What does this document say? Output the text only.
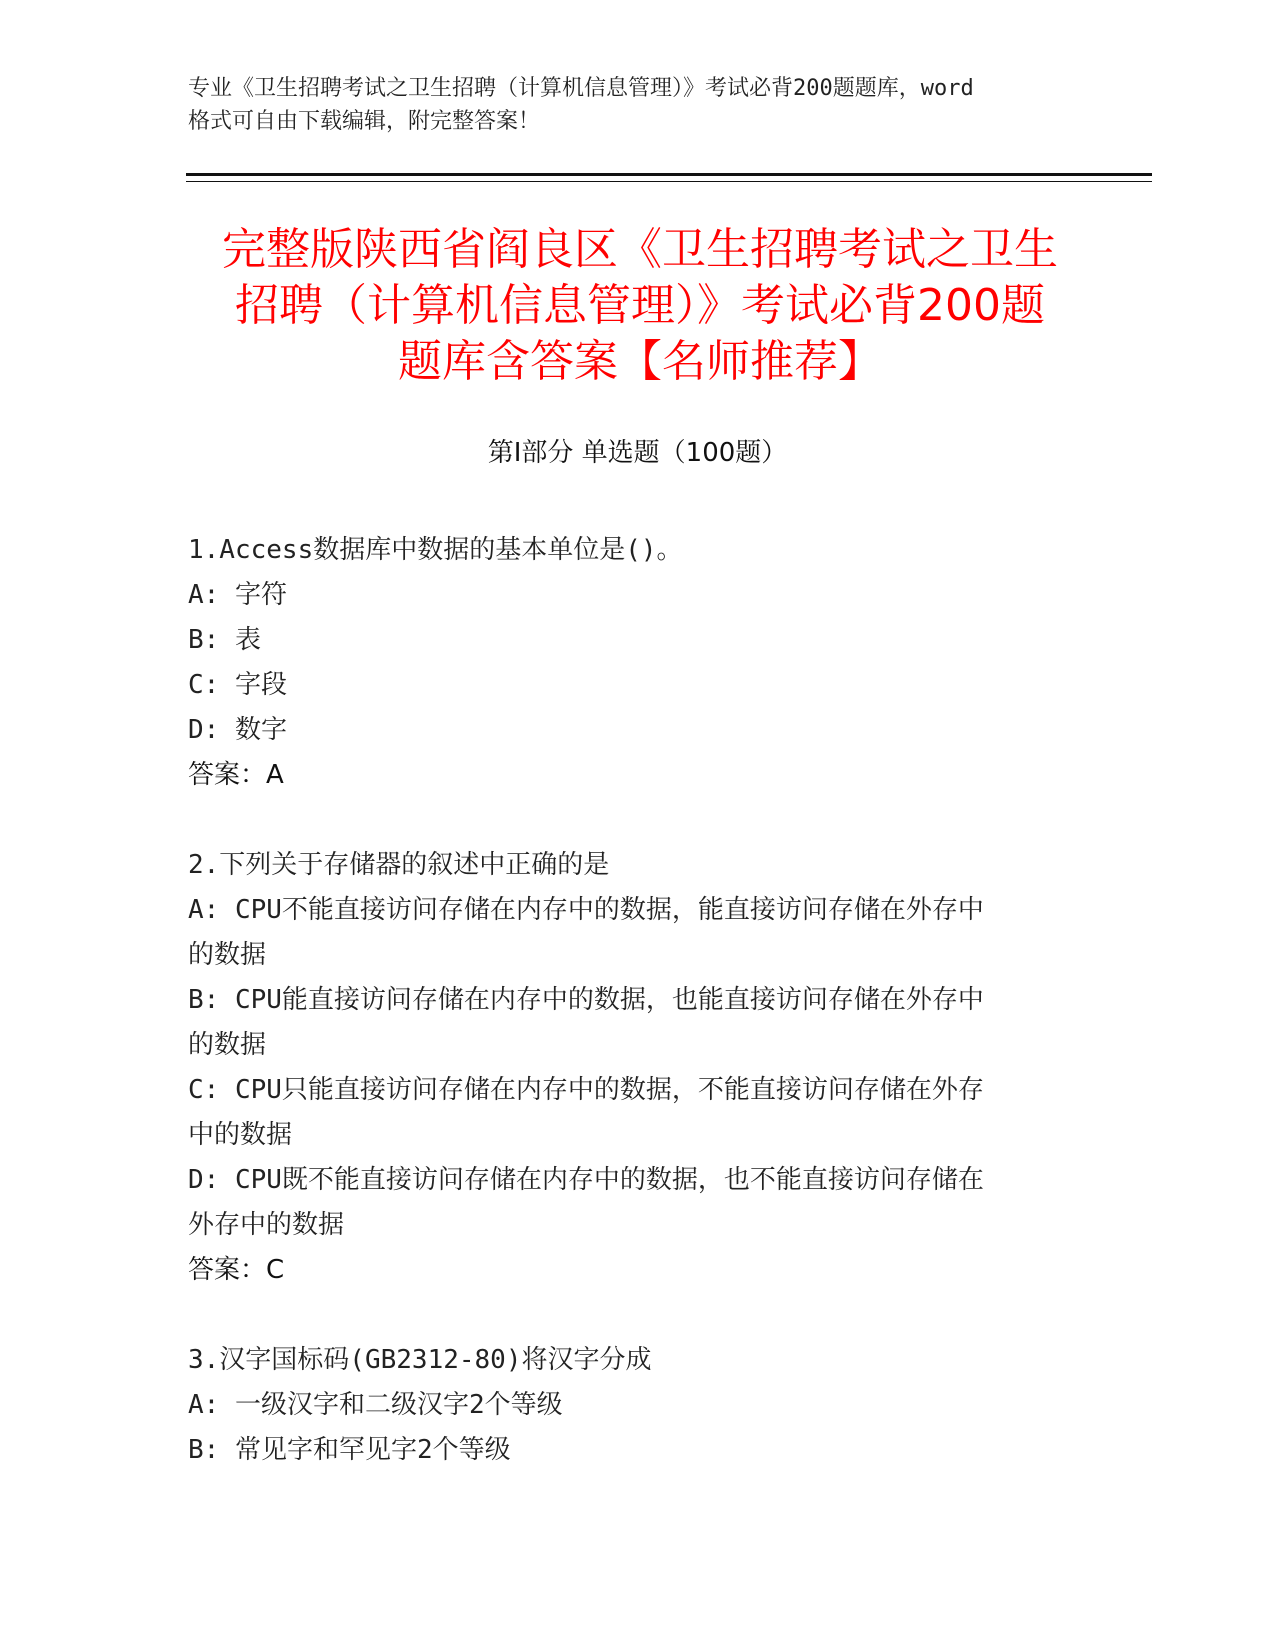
专业《卫生招聘考试之卫生招聘（计算机信息管理）》考试必背200题题库，word
格式可自由下载编辑，附完整答案！
完整版陕西省阎良区《卫生招聘考试之卫生
招聘（计算机信息管理）》考试必背200题
题库含答案【名师推荐】
第Ⅰ部分 单选题（100题）
1.Access数据库中数据的基本单位是()。
A: 字符
B: 表
C: 字段
D: 数字
答案：A
2.下列关于存储器的叙述中正确的是
A: CPU不能直接访问存储在内存中的数据，能直接访问存储在外存中
的数据
B: CPU能直接访问存储在内存中的数据，也能直接访问存储在外存中
的数据
C: CPU只能直接访问存储在内存中的数据，不能直接访问存储在外存
中的数据
D: CPU既不能直接访问存储在内存中的数据，也不能直接访问存储在
外存中的数据
答案：C
3.汉字国标码(GB2312-80)将汉字分成
A: 一级汉字和二级汉字2个等级
B: 常见字和罕见字2个等级
